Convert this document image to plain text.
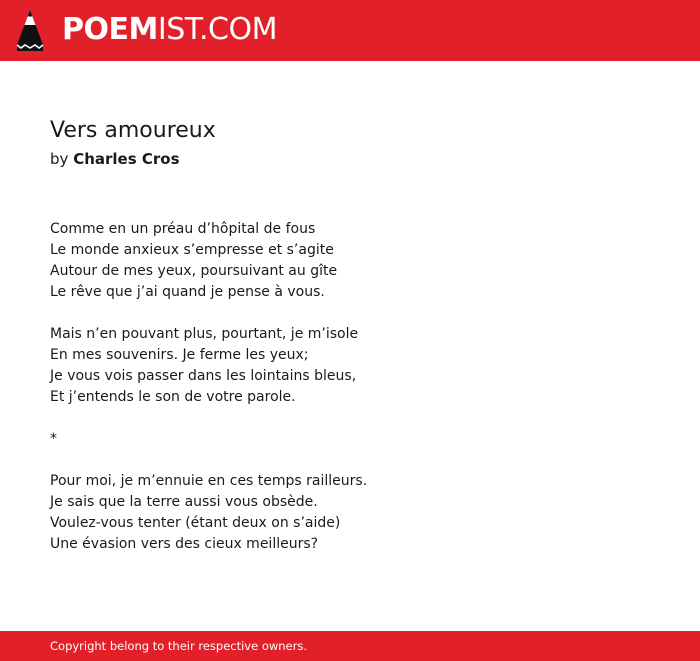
POEMIST.COM
Vers amoureux
by Charles Cros
Comme en un préau d’hôpital de fous
Le monde anxieux s’empresse et s’agite
Autour de mes yeux, poursuivant au gîte
Le rêve que j’ai quand je pense à vous.
Mais n’en pouvant plus, pourtant, je m’isole
En mes souvenirs. Je ferme les yeux;
Je vous vois passer dans les lointains bleus,
Et j’entends le son de votre parole.
*
Pour moi, je m’ennuie en ces temps railleurs.
Je sais que la terre aussi vous obsède.
Voulez-vous tenter (étant deux on s’aide)
Une évasion vers des cieux meilleurs?
Copyright belong to their respective owners.
